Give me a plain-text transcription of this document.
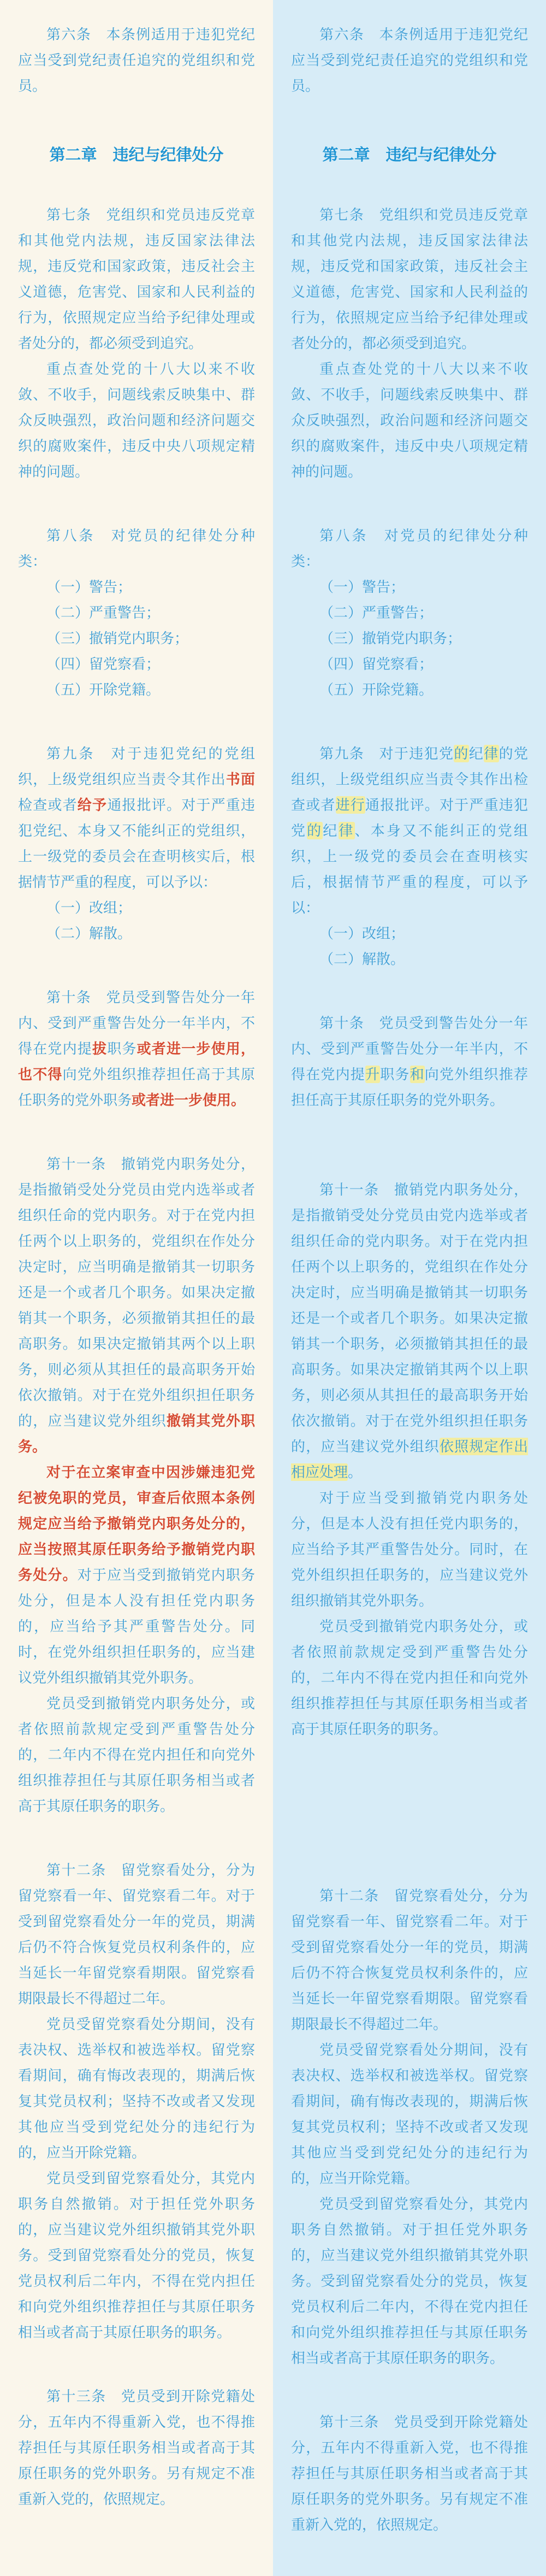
第六条　本条例适用于违犯党纪应当受到党纪责任追究的党组织和党员。

第二章　违纪与纪律处分

第七条　党组织和党员违反党章和其他党内法规，违反国家法律法规，违反党和国家政策，违反社会主义道德，危害党、国家和人民利益的行为，依照规定应当给予纪律处理或者处分的，都必须受到追究。

重点查处党的十八大以来不收敛、不收手，问题线索反映集中、群众反映强烈，政治问题和经济问题交织的腐败案件，违反中央八项规定精神的问题。

第八条　对党员的纪律处分种类：

（一）警告；

（二）严重警告；

（三）撤销党内职务；

（四）留党察看；

（五）开除党籍。

第九条　对于违犯党纪的党组织，上级党组织应当责令其作出书面检查或者给予通报批评。对于严重违犯党纪、本身又不能纠正的党组织，上一级党的委员会在查明核实后，根据情节严重的程度，可以予以：

（一）改组；

（二）解散。

第十条　党员受到警告处分一年内、受到严重警告处分一年半内，不得在党内提拔职务或者进一步使用，也不得向党外组织推荐担任高于其原任职务的党外职务或者进一步使用。

第十一条　撤销党内职务处分，是指撤销受处分党员由党内选举或者组织任命的党内职务。对于在党内担任两个以上职务的，党组织在作处分决定时，应当明确是撤销其一切职务还是一个或者几个职务。如果决定撤销其一个职务，必须撤销其担任的最高职务。如果决定撤销其两个以上职务，则必须从其担任的最高职务开始依次撤销。对于在党外组织担任职务的，应当建议党外组织撤销其党外职务。

对于在立案审查中因涉嫌违犯党纪被免职的党员，审查后依照本条例规定应当给予撤销党内职务处分的，应当按照其原任职务给予撤销党内职务处分。对于应当受到撤销党内职务处分，但是本人没有担任党内职务的，应当给予其严重警告处分。同时，在党外组织担任职务的，应当建议党外组织撤销其党外职务。

党员受到撤销党内职务处分，或者依照前款规定受到严重警告处分的，二年内不得在党内担任和向党外组织推荐担任与其原任职务相当或者高于其原任职务的职务。

第十二条　留党察看处分，分为留党察看一年、留党察看二年。对于受到留党察看处分一年的党员，期满后仍不符合恢复党员权利条件的，应当延长一年留党察看期限。留党察看期限最长不得超过二年。

党员受留党察看处分期间，没有表决权、选举权和被选举权。留党察看期间，确有悔改表现的，期满后恢复其党员权利；坚持不改或者又发现其他应当受到党纪处分的违纪行为的，应当开除党籍。

党员受到留党察看处分，其党内职务自然撤销。对于担任党外职务的，应当建议党外组织撤销其党外职务。受到留党察看处分的党员，恢复党员权利后二年内，不得在党内担任和向党外组织推荐担任与其原任职务相当或者高于其原任职务的职务。

第十三条　党员受到开除党籍处分，五年内不得重新入党，也不得推荐担任与其原任职务相当或者高于其原任职务的党外职务。另有规定不准重新入党的，依照规定。

第六条　本条例适用于违犯党纪应当受到党纪责任追究的党组织和党员。

第二章　违纪与纪律处分

第七条　党组织和党员违反党章和其他党内法规，违反国家法律法规，违反党和国家政策，违反社会主义道德，危害党、国家和人民利益的行为，依照规定应当给予纪律处理或者处分的，都必须受到追究。

重点查处党的十八大以来不收敛、不收手，问题线索反映集中、群众反映强烈，政治问题和经济问题交织的腐败案件，违反中央八项规定精神的问题。

第八条　对党员的纪律处分种类：

（一）警告；

（二）严重警告；

（三）撤销党内职务；

（四）留党察看；

（五）开除党籍。

第九条　对于违犯党的纪律的党组织，上级党组织应当责令其作出检查或者进行通报批评。对于严重违犯党的纪律、本身又不能纠正的党组织，上一级党的委员会在查明核实后，根据情节严重的程度，可以予以：

（一）改组；

（二）解散。

第十条　党员受到警告处分一年内、受到严重警告处分一年半内，不得在党内提升职务和向党外组织推荐担任高于其原任职务的党外职务。

第十一条　撤销党内职务处分，是指撤销受处分党员由党内选举或者组织任命的党内职务。对于在党内担任两个以上职务的，党组织在作处分决定时，应当明确是撤销其一切职务还是一个或者几个职务。如果决定撤销其一个职务，必须撤销其担任的最高职务。如果决定撤销其两个以上职务，则必须从其担任的最高职务开始依次撤销。对于在党外组织担任职务的，应当建议党外组织依照规定作出相应处理。

对于应当受到撤销党内职务处分，但是本人没有担任党内职务的，应当给予其严重警告处分。同时，在党外组织担任职务的，应当建议党外组织撤销其党外职务。

党员受到撤销党内职务处分，或者依照前款规定受到严重警告处分的，二年内不得在党内担任和向党外组织推荐担任与其原任职务相当或者高于其原任职务的职务。

第十二条　留党察看处分，分为留党察看一年、留党察看二年。对于受到留党察看处分一年的党员，期满后仍不符合恢复党员权利条件的，应当延长一年留党察看期限。留党察看期限最长不得超过二年。

党员受留党察看处分期间，没有表决权、选举权和被选举权。留党察看期间，确有悔改表现的，期满后恢复其党员权利；坚持不改或者又发现其他应当受到党纪处分的违纪行为的，应当开除党籍。

党员受到留党察看处分，其党内职务自然撤销。对于担任党外职务的，应当建议党外组织撤销其党外职务。受到留党察看处分的党员，恢复党员权利后二年内，不得在党内担任和向党外组织推荐担任与其原任职务相当或者高于其原任职务的职务。

第十三条　党员受到开除党籍处分，五年内不得重新入党，也不得推荐担任与其原任职务相当或者高于其原任职务的党外职务。另有规定不准重新入党的，依照规定。
